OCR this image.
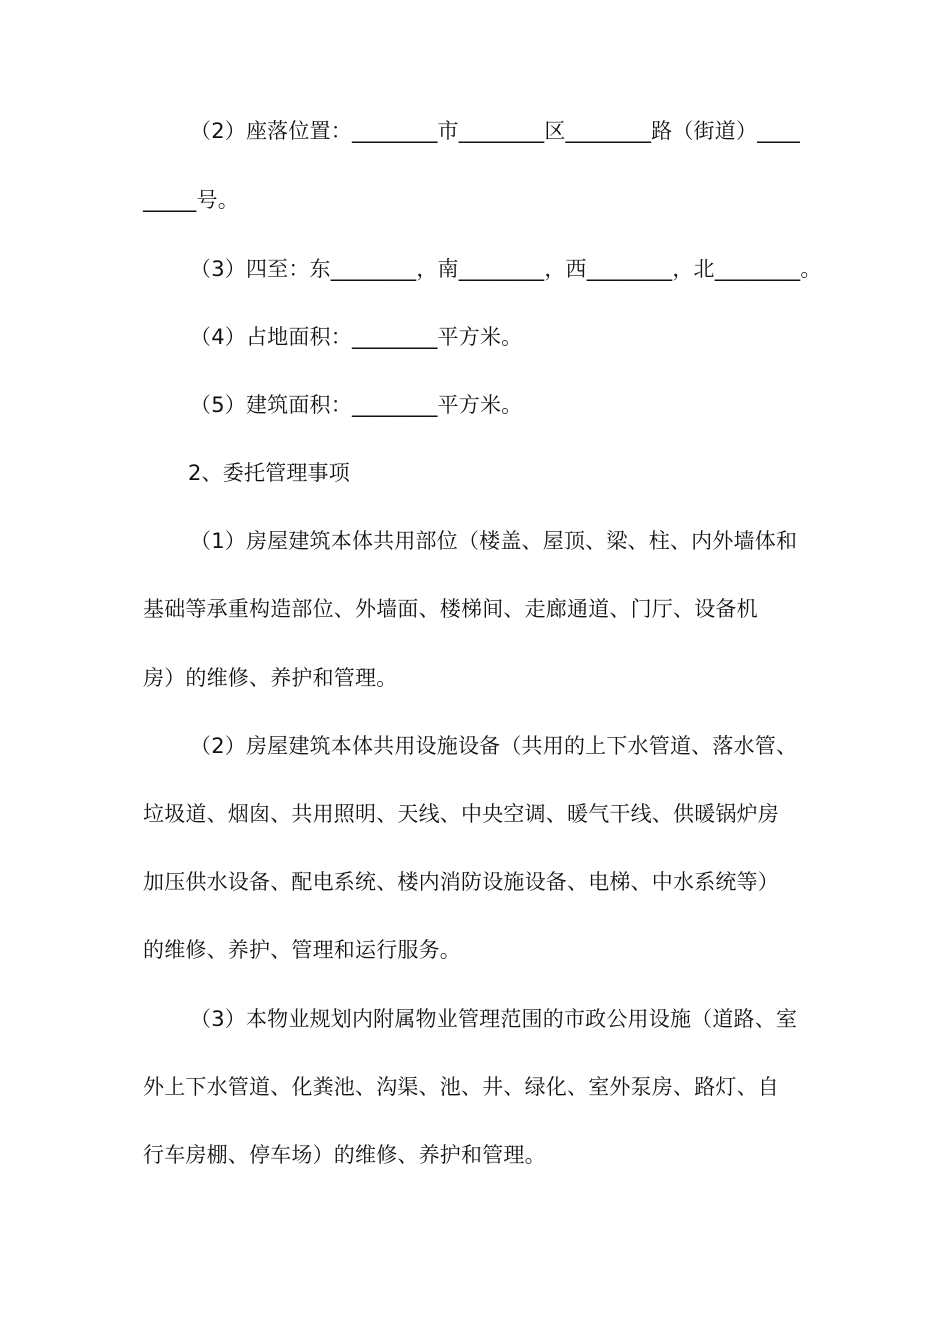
（2）座落位置：________市________区________路（街道）____
_____号。
（3）四至：东________，南________，西________，北________。
（4）占地面积：________平方米。
（5）建筑面积：________平方米。
2、委托管理事项
（1）房屋建筑本体共用部位（楼盖、屋顶、梁、柱、内外墙体和
基础等承重构造部位、外墙面、楼梯间、走廊通道、门厅、设备机
房）的维修、养护和管理。
（2）房屋建筑本体共用设施设备（共用的上下水管道、落水管、
垃圾道、烟囱、共用照明、天线、中央空调、暖气干线、供暖锅炉房
加压供水设备、配电系统、楼内消防设施设备、电梯、中水系统等）
的维修、养护、管理和运行服务。
（3）本物业规划内附属物业管理范围的市政公用设施（道路、室
外上下水管道、化粪池、沟渠、池、井、绿化、室外泵房、路灯、自
行车房棚、停车场）的维修、养护和管理。
